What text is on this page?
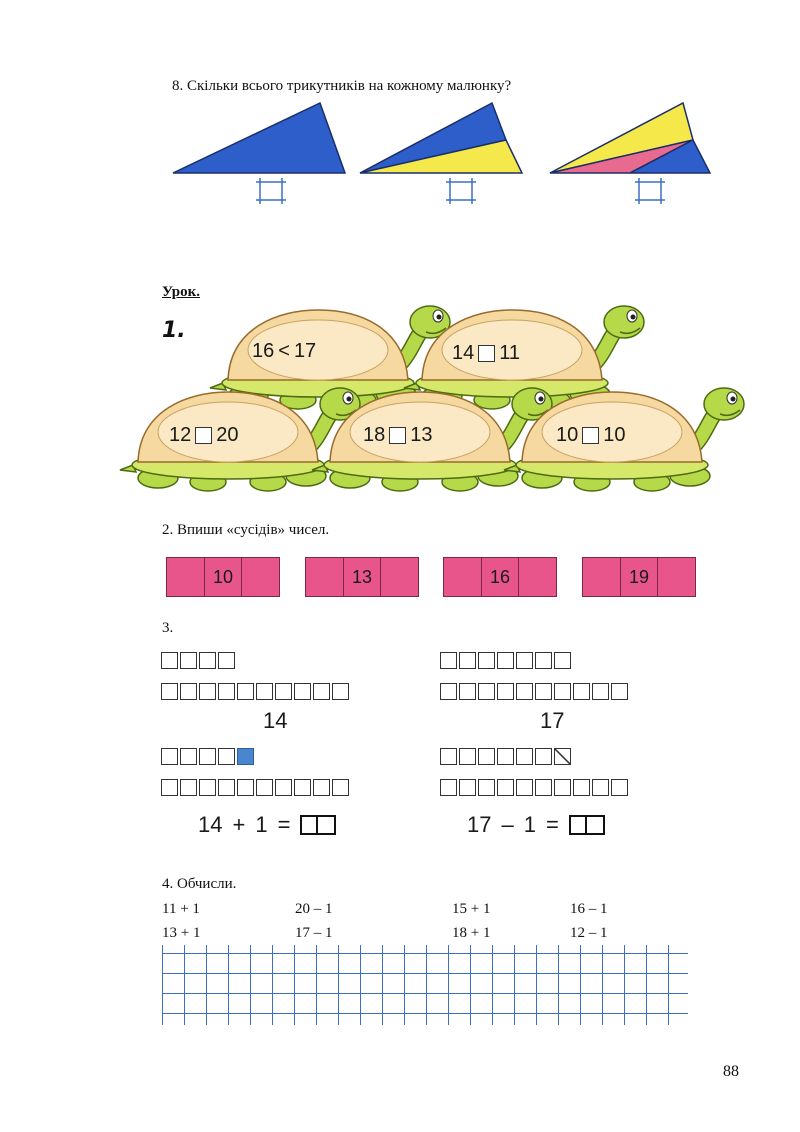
8. Скільки всього трикутників на кожному малюнку?
Урок.
1.
16 < 17	14 11
12 20	18 13	10 10
2. Впиши «сусідів» чисел.
10	13	16	19
3.
14	17
14 + 1 =	17 – 1 =
4. Обчисли.
11 + 1	20 – 1	15 + 1	16 – 1
13 + 1	17 – 1	18 + 1	12 – 1
88
